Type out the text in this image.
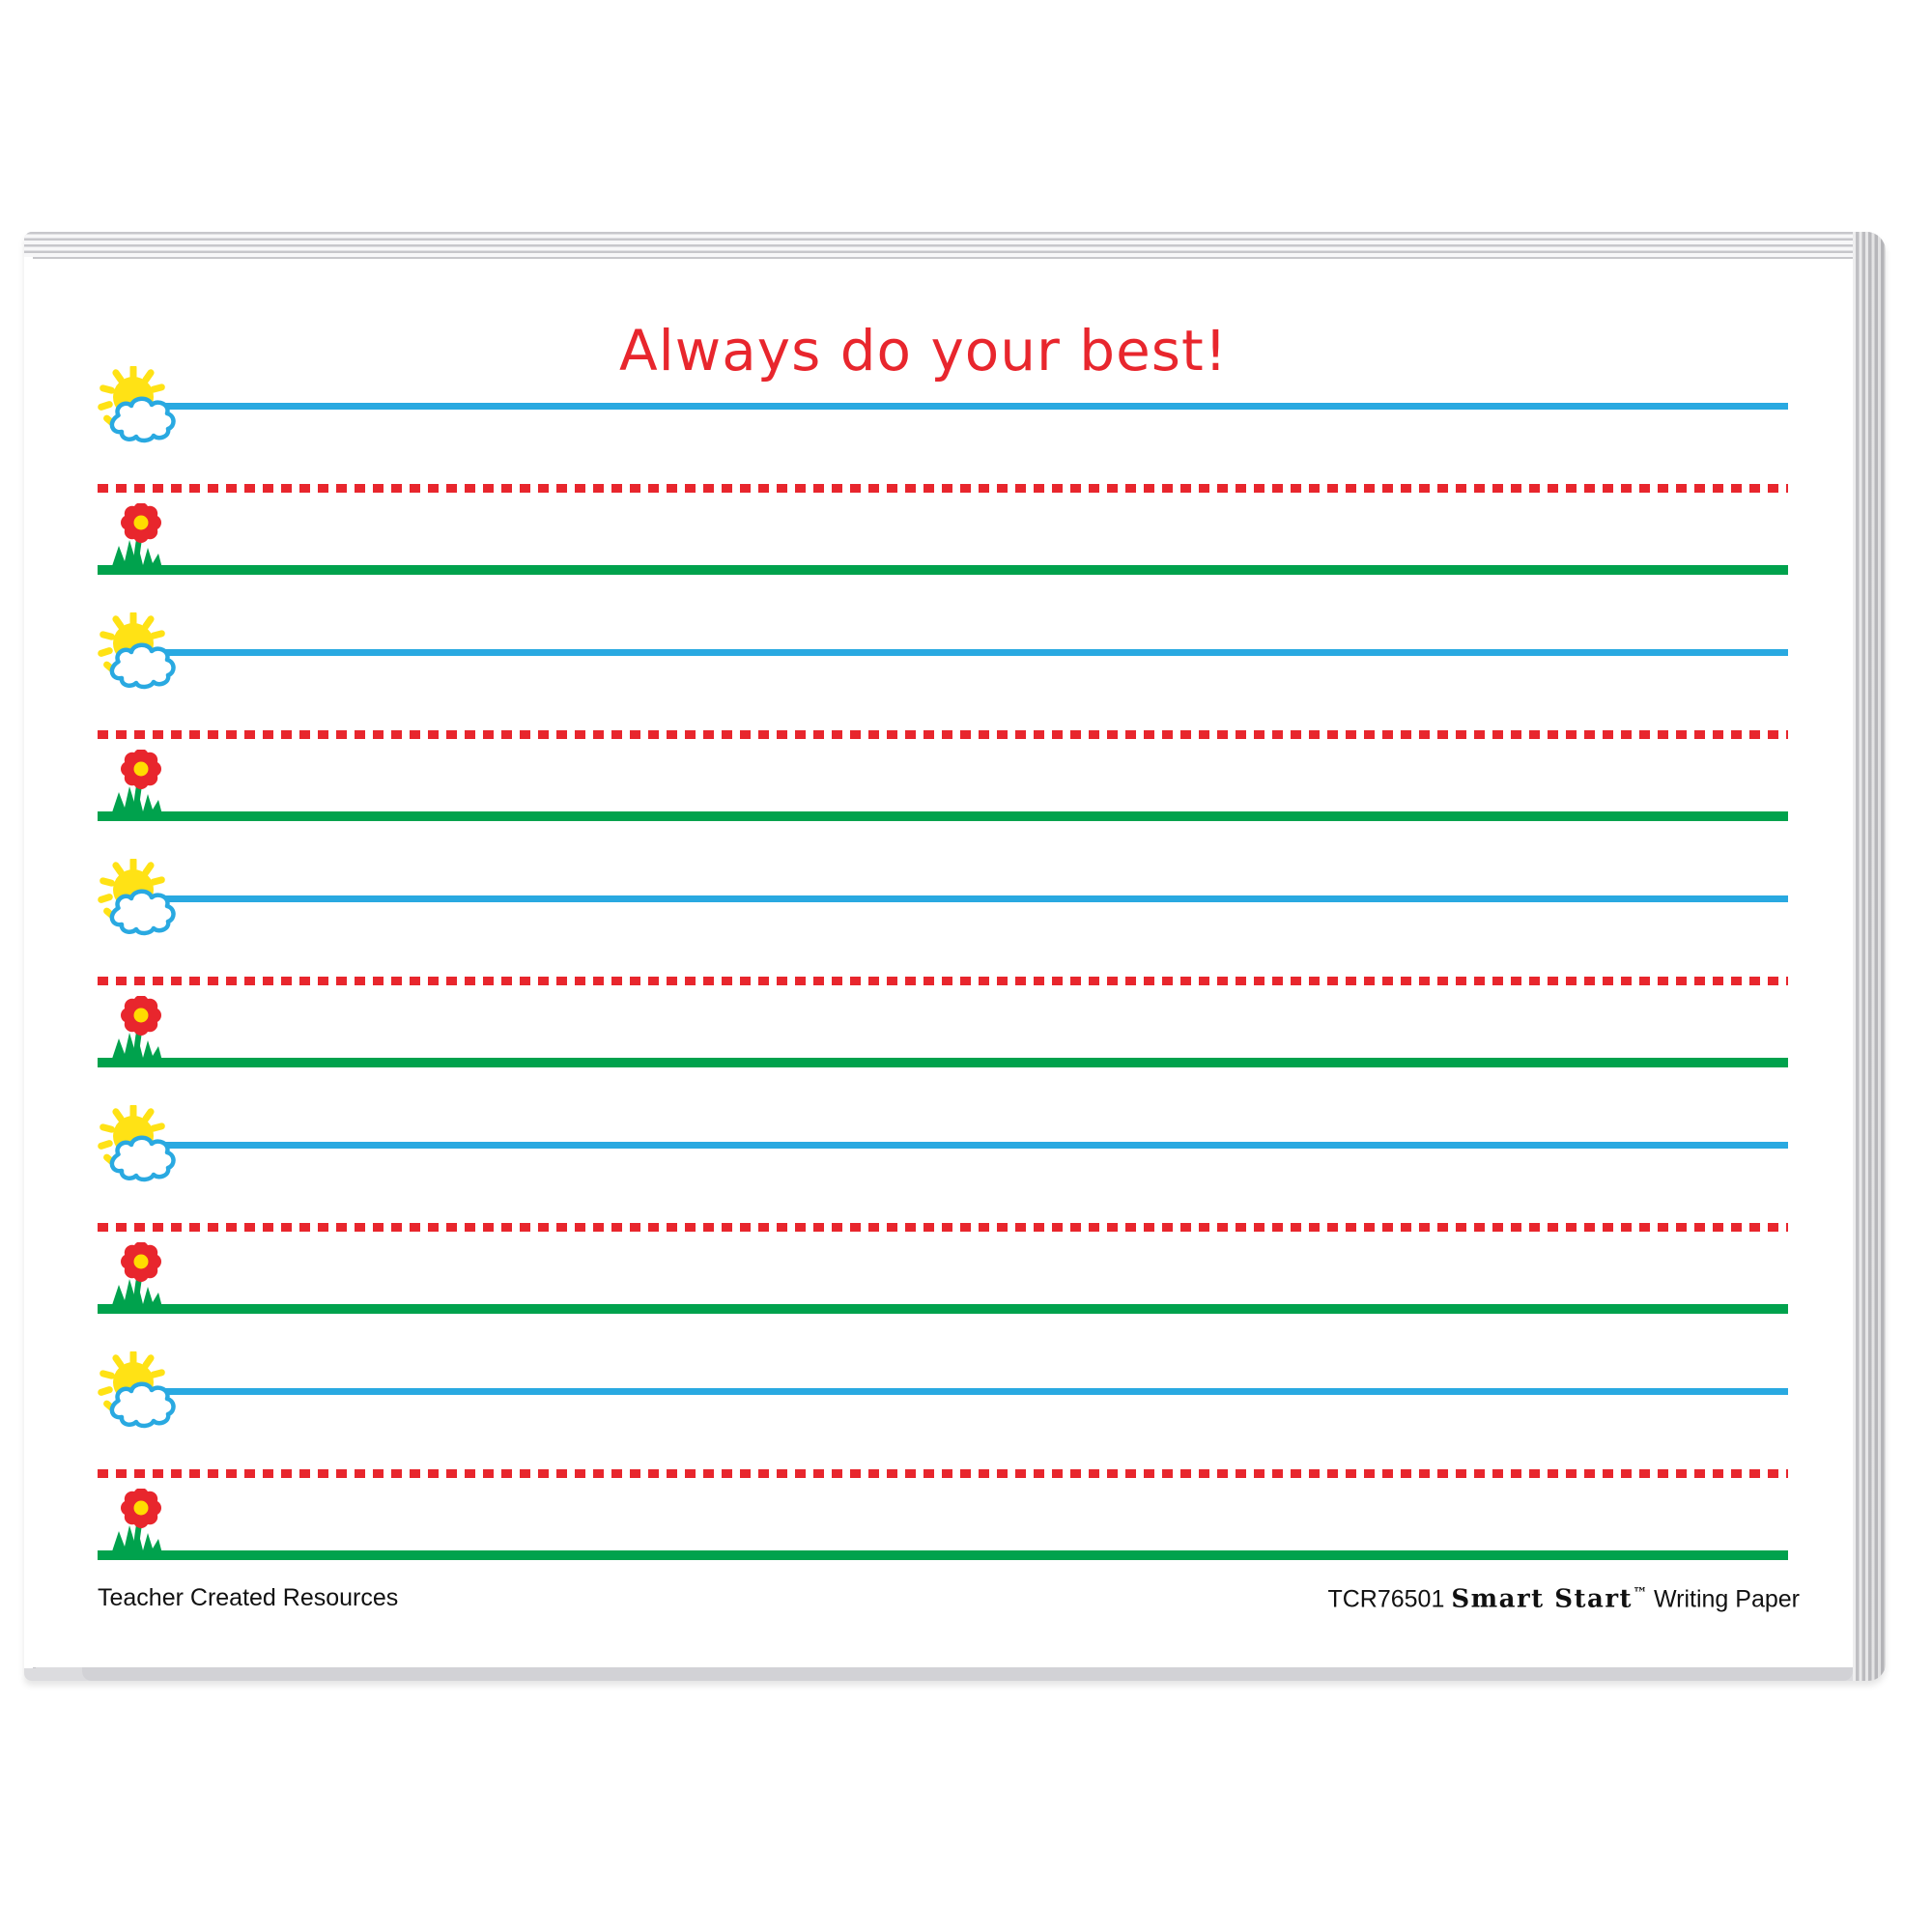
Always do your best!
Teacher Created Resources	TCR76501 Smart Start™ Writing Paper
